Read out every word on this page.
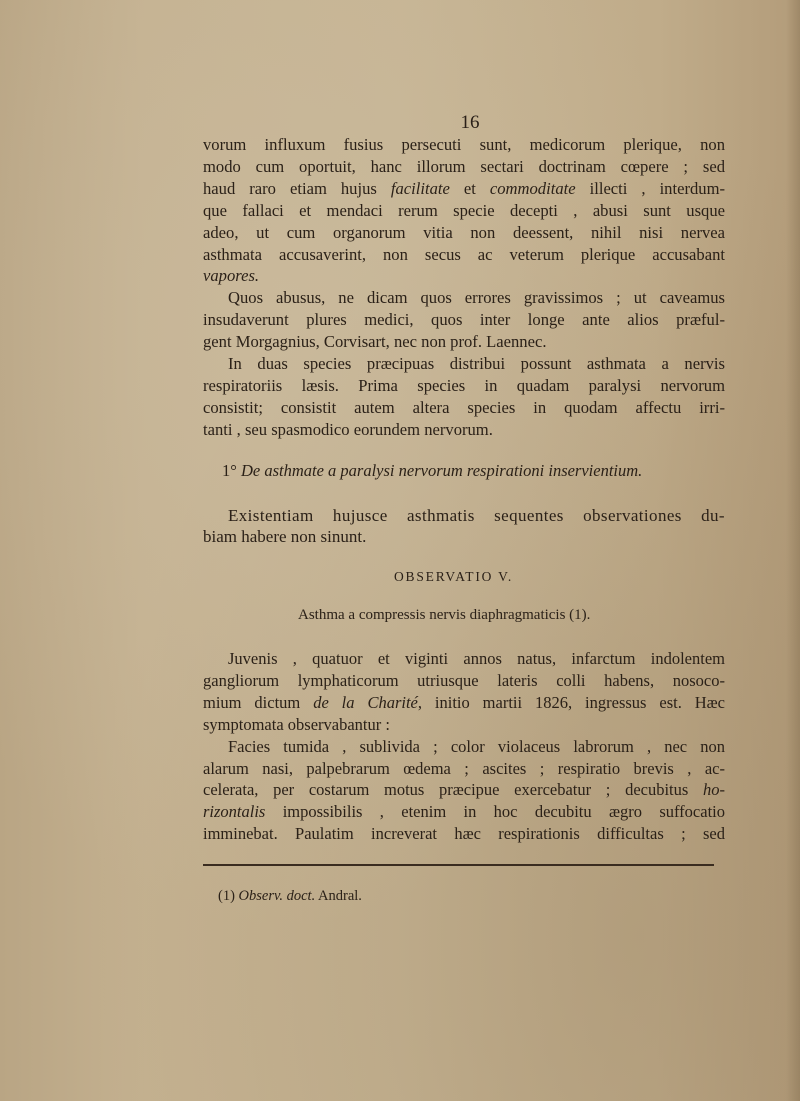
16
vorum influxum fusius persecuti sunt, medicorum plerique, non
modo cum oportuit, hanc illorum sectari doctrinam cœpere ; sed
haud raro etiam hujus facilitate et commoditate illecti , interdum-
que fallaci et mendaci rerum specie decepti , abusi sunt usque
adeo, ut cum organorum vitia non deessent, nihil nisi nervea
asthmata accusaverint, non secus ac veterum plerique accusabant
vapores.
Quos abusus, ne dicam quos errores gravissimos ; ut caveamus
insudaverunt plures medici, quos inter longe ante alios præful-
gent Morgagnius, Corvisart, nec non prof. Laennec.
In duas species præcipuas distribui possunt asthmata a nervis
respiratoriis læsis. Prima species in quadam paralysi nervorum
consistit; consistit autem altera species in quodam affectu irri-
tanti , seu spasmodico eorundem nervorum.
1° De asthmate a paralysi nervorum respirationi inservientium.
Existentiam hujusce asthmatis sequentes observationes du-
biam habere non sinunt.
OBSERVATIO V.
Asthma a compressis nervis diaphragmaticis (1).
Juvenis , quatuor et viginti annos natus, infarctum indolentem
gangliorum lymphaticorum utriusque lateris colli habens, nosoco-
mium dictum de la Charité, initio martii 1826, ingressus est. Hæc
symptomata observabantur :
Facies tumida , sublivida ; color violaceus labrorum , nec non
alarum nasi, palpebrarum œdema ; ascites ; respiratio brevis , ac-
celerata, per costarum motus præcipue exercebatur ; decubitus ho-
rizontalis impossibilis , etenim in hoc decubitu ægro suffocatio
imminebat. Paulatim increverat hæc respirationis difficultas ; sed
(1) Observ. doct. Andral.
